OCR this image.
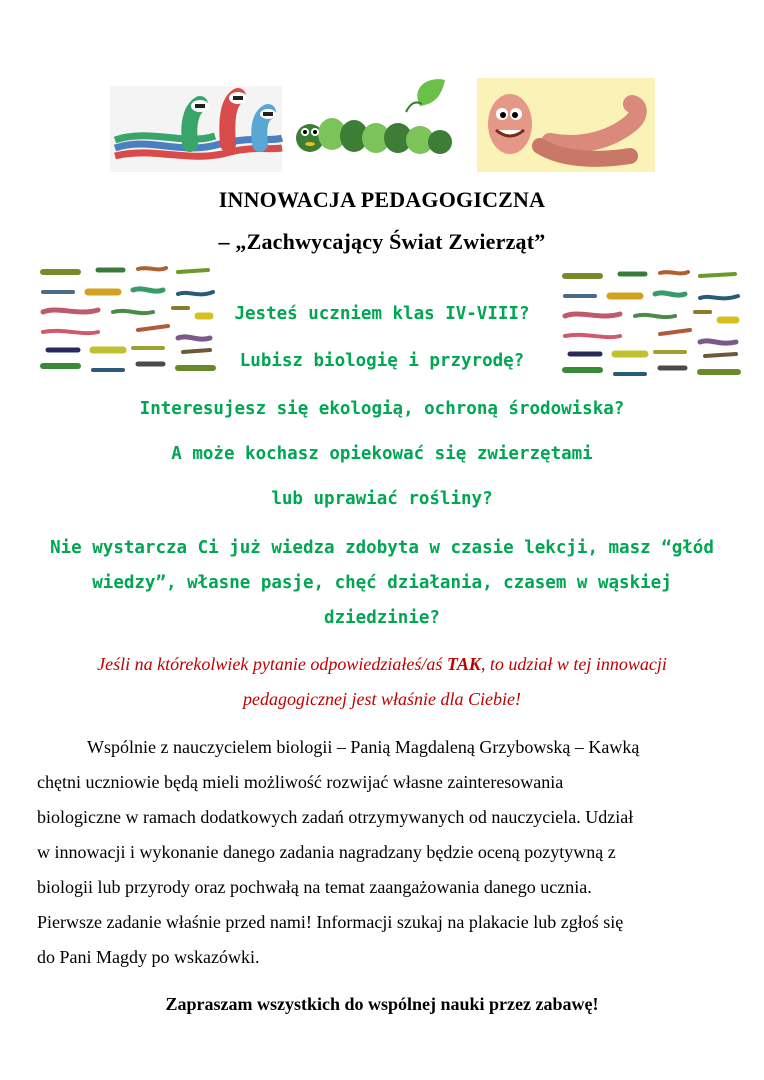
INNOWACJA PEDAGOGICZNA
– „Zachwycający Świat Zwierząt”
Jesteś uczniem klas IV-VIII?
Lubisz biologię i przyrodę?
Interesujesz się ekologią, ochroną środowiska?
A może kochasz opiekować się zwierzętami
lub uprawiać rośliny?
Nie wystarcza Ci już wiedza zdobyta w czasie lekcji, masz “głód
wiedzy”, własne pasje, chęć działania, czasem w wąskiej
dziedzinie?
Jeśli na którekolwiek pytanie odpowiedziałeś/aś TAK, to udział w tej innowacji
pedagogicznej jest właśnie dla Ciebie!
Wspólnie z nauczycielem biologii – Panią Magdaleną Grzybowską – Kawką
chętni uczniowie będą mieli możliwość rozwijać własne zainteresowania
biologiczne w ramach dodatkowych zadań otrzymywanych od nauczyciela. Udział
w innowacji i wykonanie danego zadania nagradzany będzie oceną pozytywną z
biologii lub przyrody oraz pochwałą na temat zaangażowania danego ucznia.
Pierwsze zadanie właśnie przed nami! Informacji szukaj na plakacie lub zgłoś się
do Pani Magdy po wskazówki.
Zapraszam wszystkich do wspólnej nauki przez zabawę!
